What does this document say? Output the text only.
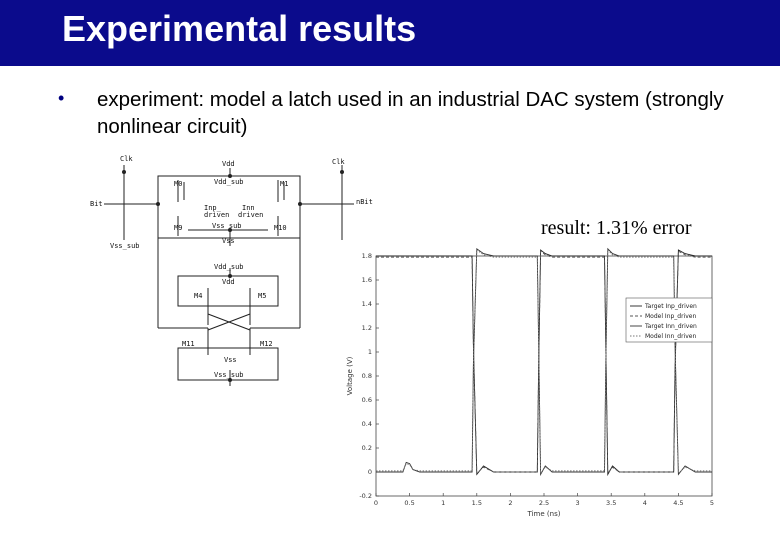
Experimental results
• experiment: model a latch used in an industrial DAC system (strongly nonlinear circuit)
Clk	Clk
Vdd
Vdd_sub
M0	M1
Bit	nBit
Inp_
driven
Inn
driven
M9	M10
Vss_sub
Vss
Vss_sub
Vdd_sub
Vdd
M4	M5
M11	M12
Vss
Vss_sub
result: 1.31% error
0	0.5	1	1.5	2	2.5	3	3.5	4	4.5	5
-0.2
0
0.2
0.4
0.6
0.8
1
1.2
1.4
1.6
1.8
Time (ns)
Voltage (V)
Target Inp_driven
Model Inp_driven
Target Inn_driven
Model Inn_driven
